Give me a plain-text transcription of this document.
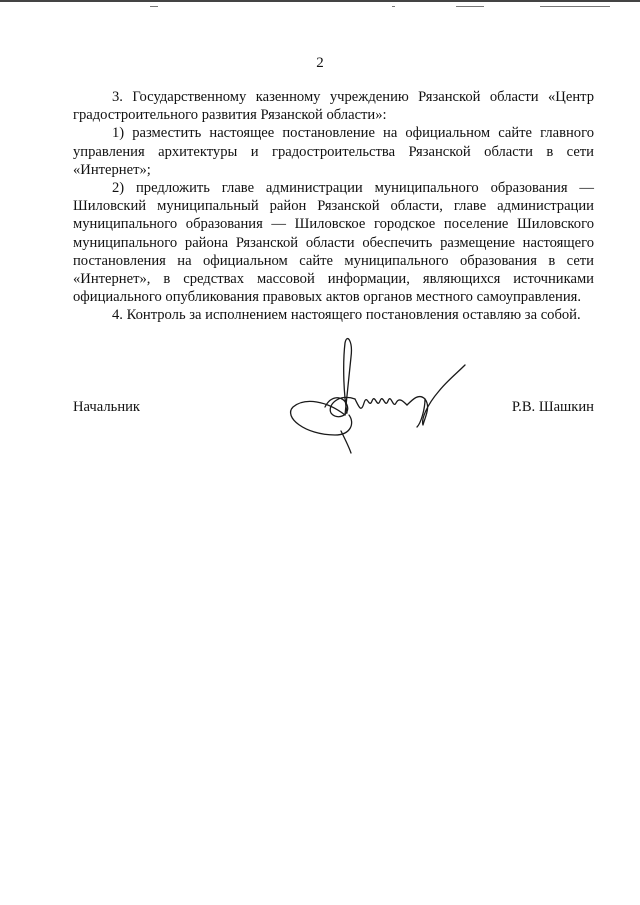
2

3. Государственному казенному учреждению Рязанской области «Центр градостроительного развития Рязанской области»:

1) разместить настоящее постановление на официальном сайте главного управления архитектуры и градостроительства Рязанской области в сети «Интернет»;

2) предложить главе администрации муниципального образования — Шиловский муниципальный район Рязанской области, главе администрации муниципального образования — Шиловское городское поселение Шиловского муниципального района Рязанской области обеспечить размещение настоящего постановления на официальном сайте муниципального образования в сети «Интернет», в средствах массовой информации, являющихся источниками официального опубликования правовых актов органов местного самоуправления.

4. Контроль за исполнением настоящего постановления оставляю за собой.

Начальник	Р.В. Шашкин
